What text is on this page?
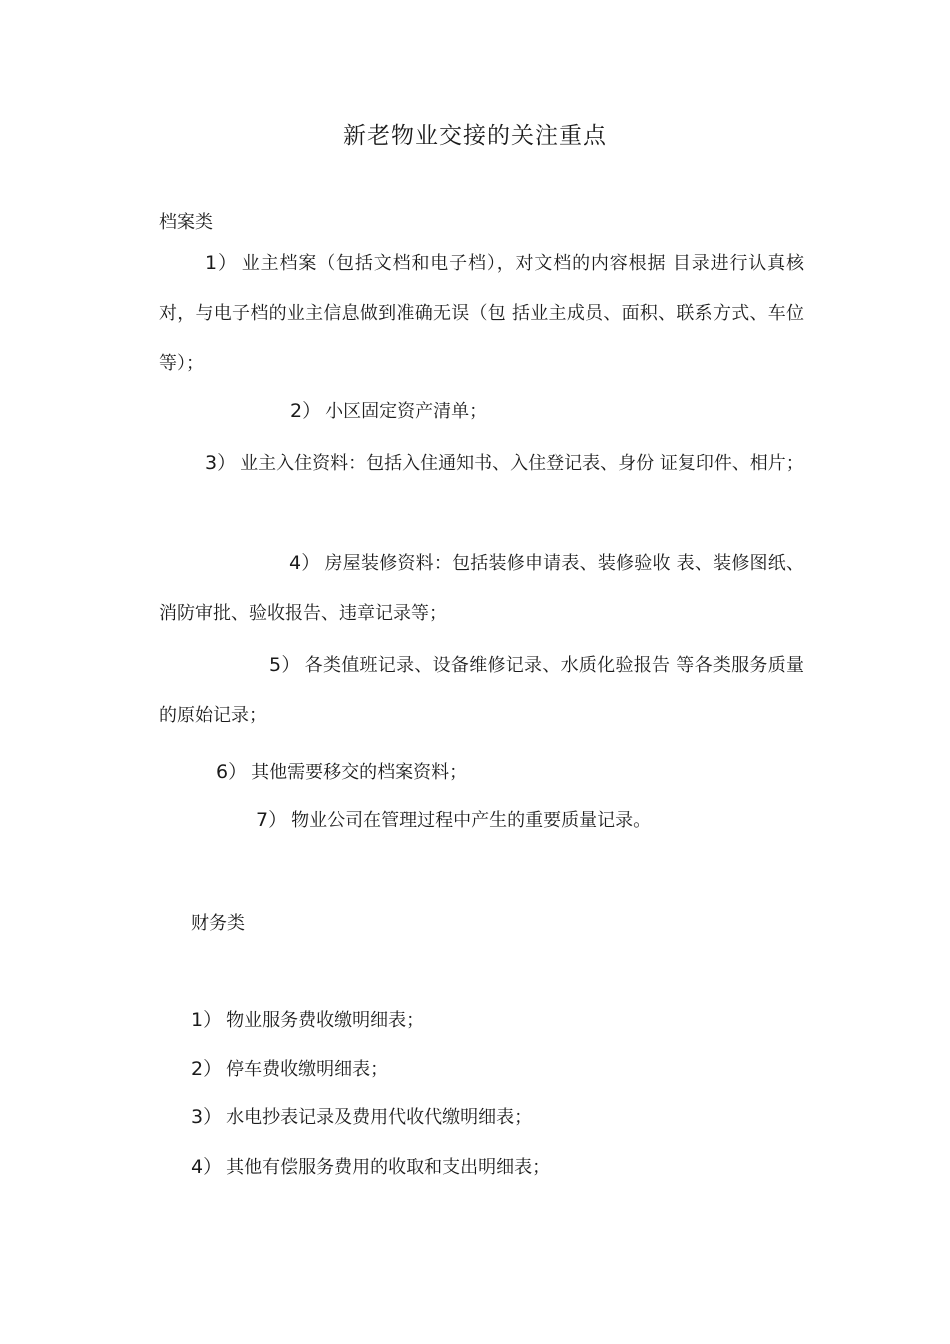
新老物业交接的关注重点
档案类

1） 业主档案（包括文档和电子档），对文档的内容根据 目录进行认真核对，与电子档的业主信息做到准确无误（包 括业主成员、面积、联系方式、车位等）；

2） 小区固定资产清单；

3） 业主入住资料：包括入住通知书、入住登记表、身份 证复印件、相片；

4） 房屋装修资料：包括装修申请表、装修验收 表、装修图纸、消防审批、验收报告、违章记录等；

5） 各类值班记录、设备维修记录、水质化验报告 等各类服务质量的原始记录；

6） 其他需要移交的档案资料；

7） 物业公司在管理过程中产生的重要质量记录。

财务类

1） 物业服务费收缴明细表；

2） 停车费收缴明细表；

3） 水电抄表记录及费用代收代缴明细表；

4） 其他有偿服务费用的收取和支出明细表；
